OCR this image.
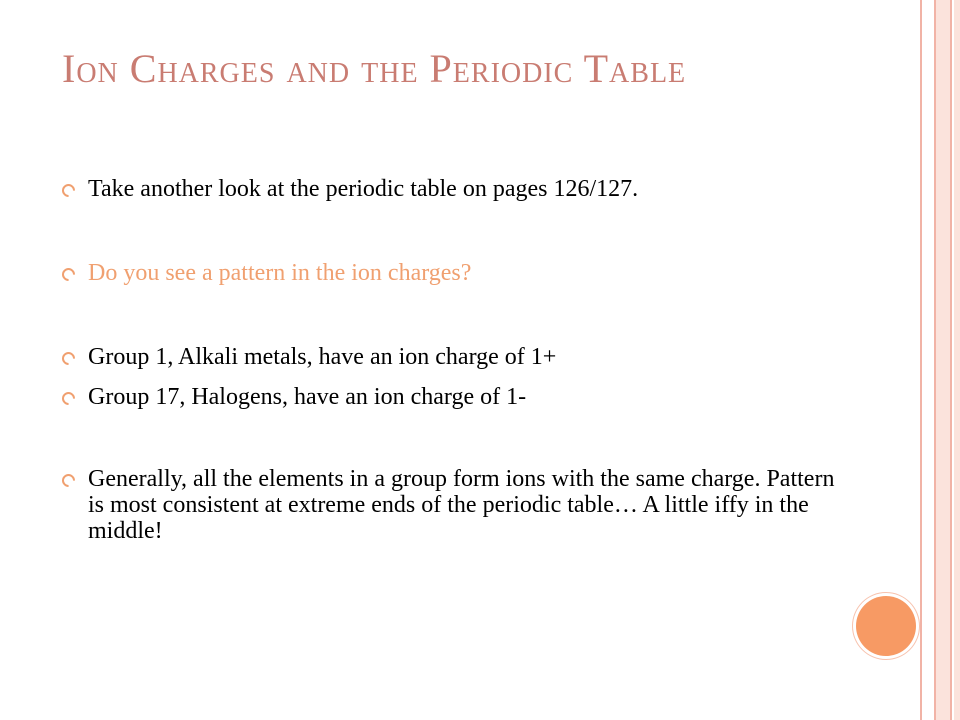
Ion Charges and the Periodic Table
Take another look at the periodic table on pages 126/127.
Do you see a pattern in the ion charges?
Group 1, Alkali metals, have an ion charge of 1+
Group 17, Halogens, have an ion charge of 1-
Generally, all the elements in a group form ions with the same charge. Pattern is most consistent at extreme ends of the periodic table… A little iffy in the middle!
